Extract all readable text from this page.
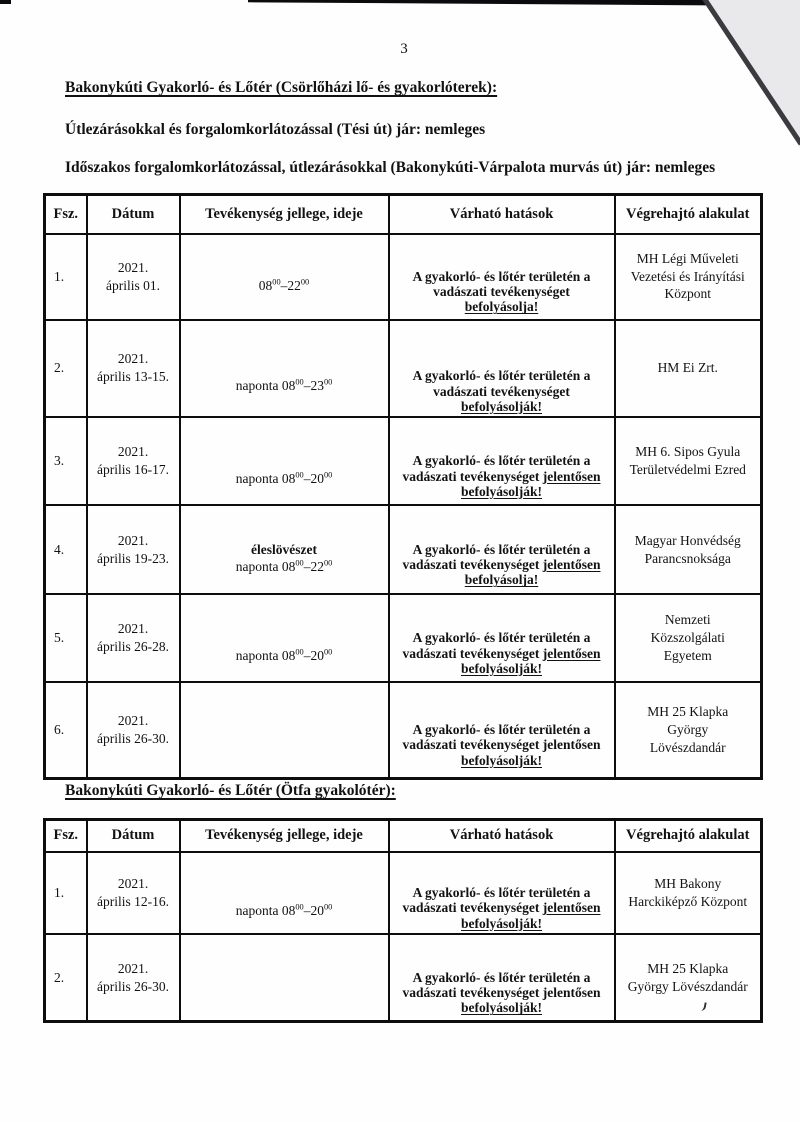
3
Bakonykúti Gyakorló- és Lőtér (Csörlőházi lő- és gyakorlóterek):
Útlezárásokkal és forgalomkorlátozással (Tési út) jár: nemleges
Időszakos forgalomkorlátozással, útlezárásokkal (Bakonykúti-Várpalota murvás út) jár: nemleges
Fsz.	Dátum	Tevékenység jellege, ideje	Várható hatások	Végrehajtó alakulat
1.	2021.
április 01.	$08^{00}-22^{00}$	A gyakorló- és lőtér területén a
vadászati tevékenységet
befolyásolja!	MH Légi Műveleti
Vezetési és Irányítási
Központ
2.	2021.
április 13-15.	naponta $08^{00}-23^{00}$	A gyakorló- és lőtér területén a
vadászati tevékenységet
befolyásolják!	HM Ei Zrt.
3.	2021.
április 16-17.	naponta $08^{00}-20^{00}$	A gyakorló- és lőtér területén a
vadászati tevékenységet jelentősen
befolyásolják!	MH 6. Sipos Gyula
Területvédelmi Ezred
4.	2021.
április 19-23.	éleslövészet
naponta $08^{00}-22^{00}$	A gyakorló- és lőtér területén a
vadászati tevékenységet jelentősen
befolyásolja!	Magyar Honvédség
Parancsnoksága
5.	2021.
április 26-28.	naponta $08^{00}-20^{00}$	A gyakorló- és lőtér területén a
vadászati tevékenységet jelentősen
befolyásolják!	Nemzeti
Közszolgálati
Egyetem
6.	2021.
április 26-30.		A gyakorló- és lőtér területén a
vadászati tevékenységet jelentősen
befolyásolják!	MH 25 Klapka
György
Lövészdandár
Bakonykúti Gyakorló- és Lőtér (Ötfa gyakolótér):
Fsz.	Dátum	Tevékenység jellege, ideje	Várható hatások	Végrehajtó alakulat
1.	2021.
április 12-16.	naponta $08^{00}-20^{00}$	A gyakorló- és lőtér területén a
vadászati tevékenységet jelentősen
befolyásolják!	MH Bakony
Harckiképző Központ
2.	2021.
április 26-30.		A gyakorló- és lőtér területén a
vadászati tevékenységet jelentősen
befolyásolják!	MH 25 Klapka
György Lövészdandár
